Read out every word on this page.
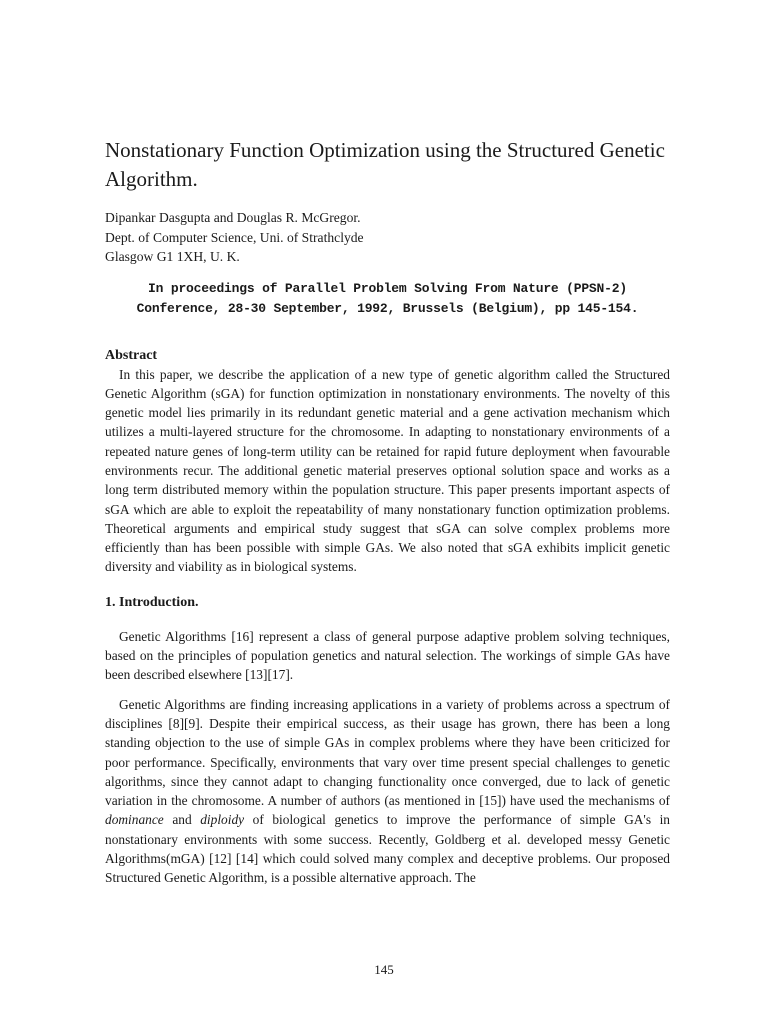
Nonstationary Function Optimization using the Structured Genetic Algorithm.
Dipankar Dasgupta and Douglas R. McGregor.
Dept. of Computer Science, Uni. of Strathclyde
Glasgow G1 1XH, U. K.
In proceedings of Parallel Problem Solving From Nature (PPSN-2)
Conference, 28-30 September, 1992, Brussels (Belgium), pp 145-154.
Abstract

In this paper, we describe the application of a new type of genetic algorithm called the Structured Genetic Algorithm (sGA) for function optimization in nonstationary environments. The novelty of this genetic model lies primarily in its redundant genetic material and a gene activation mechanism which utilizes a multi-layered structure for the chromosome. In adapting to nonstationary environments of a repeated nature genes of long-term utility can be retained for rapid future deployment when favourable environments recur. The additional genetic material preserves optional solution space and works as a long term distributed memory within the population structure. This paper presents important aspects of sGA which are able to exploit the repeatability of many nonstationary function optimization problems. Theoretical arguments and empirical study suggest that sGA can solve complex problems more efficiently than has been possible with simple GAs. We also noted that sGA exhibits implicit genetic diversity and viability as in biological systems.

1. Introduction.

Genetic Algorithms [16] represent a class of general purpose adaptive problem solving techniques, based on the principles of population genetics and natural selection. The workings of simple GAs have been described elsewhere [13][17].

Genetic Algorithms are finding increasing applications in a variety of problems across a spectrum of disciplines [8][9]. Despite their empirical success, as their usage has grown, there has been a long standing objection to the use of simple GAs in complex problems where they have been criticized for poor performance. Specifically, environments that vary over time present special challenges to genetic algorithms, since they cannot adapt to changing functionality once converged, due to lack of genetic variation in the chromosome. A number of authors (as mentioned in [15]) have used the mechanisms of dominance and diploidy of biological genetics to improve the performance of simple GA's in nonstationary environments with some success. Recently, Goldberg et al. developed messy Genetic Algorithms(mGA) [12] [14] which could solved many complex and deceptive problems. Our proposed Structured Genetic Algorithm, is a possible alternative approach. The

145
